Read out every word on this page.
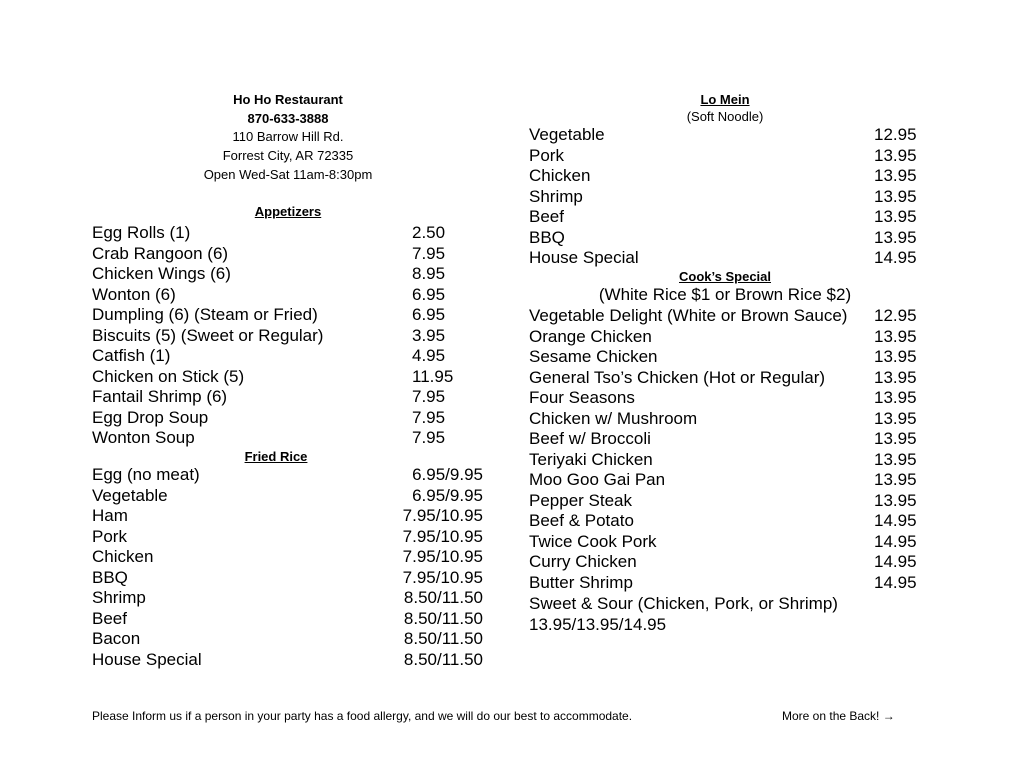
Ho Ho Restaurant
870-633-3888
110 Barrow Hill Rd.
Forrest City, AR 72335
Open Wed-Sat 11am-8:30pm
Appetizers
Egg Rolls (1)	2.50
Crab Rangoon (6)	7.95
Chicken Wings (6)	8.95
Wonton (6)	6.95
Dumpling (6) (Steam or Fried)	6.95
Biscuits (5) (Sweet or Regular)	3.95
Catfish (1)	4.95
Chicken on Stick (5)	11.95
Fantail Shrimp (6)	7.95
Egg Drop Soup	7.95
Wonton Soup	7.95
Fried Rice
Egg (no meat)	6.95/9.95
Vegetable	6.95/9.95
Ham	7.95/10.95
Pork	7.95/10.95
Chicken	7.95/10.95
BBQ	7.95/10.95
Shrimp	8.50/11.50
Beef	8.50/11.50
Bacon	8.50/11.50
House Special	8.50/11.50
Lo Mein
(Soft Noodle)
Vegetable	12.95
Pork	13.95
Chicken	13.95
Shrimp	13.95
Beef	13.95
BBQ	13.95
House Special	14.95
Cook’s Special
(White Rice $1 or Brown Rice $2)
Vegetable Delight (White or Brown Sauce) 12.95
Orange Chicken	13.95
Sesame Chicken	13.95
General Tso’s Chicken (Hot or Regular)	13.95
Four Seasons	13.95
Chicken w/ Mushroom	13.95
Beef w/ Broccoli	13.95
Teriyaki Chicken	13.95
Moo Goo Gai Pan	13.95
Pepper Steak	13.95
Beef & Potato	14.95
Twice Cook Pork	14.95
Curry Chicken	14.95
Butter Shrimp	14.95
Sweet & Sour (Chicken, Pork, or Shrimp)
13.95/13.95/14.95
Please Inform us if a person in your party has a food allergy, and we will do our best to accommodate.	More on the Back! →
